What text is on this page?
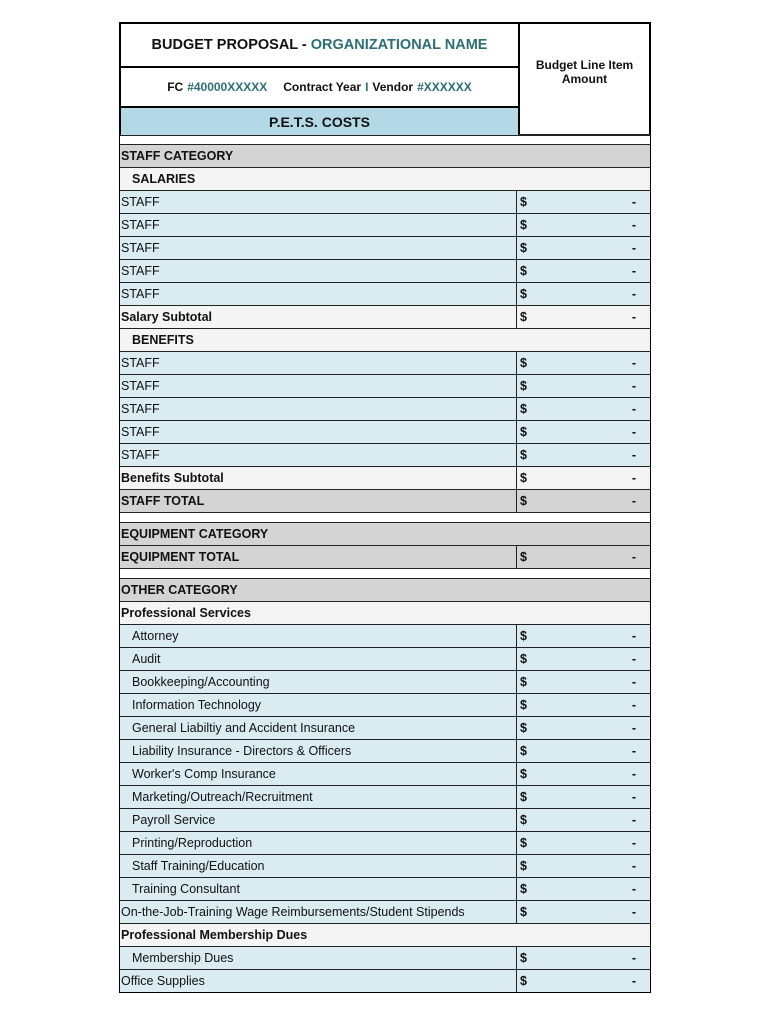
BUDGET PROPOSAL - ORGANIZATIONAL NAME
FC #40000XXXXX Contract Year I Vendor #XXXXXX
P.E.T.S. COSTS
Budget Line Item
Amount
STAFF CATEGORY
SALARIES
STAFF	$	-
STAFF	$	-
STAFF	$	-
STAFF	$	-
STAFF	$	-
Salary Subtotal	$	-
BENEFITS
STAFF	$	-
STAFF	$	-
STAFF	$	-
STAFF	$	-
STAFF	$	-
Benefits Subtotal	$	-
STAFF TOTAL	$	-
EQUIPMENT CATEGORY
EQUIPMENT TOTAL	$	-
OTHER CATEGORY
Professional Services
Attorney	$	-
Audit	$	-
Bookkeeping/Accounting	$	-
Information Technology	$	-
General Liabiltiy and Accident Insurance	$	-
Liability Insurance - Directors & Officers	$	-
Worker's Comp Insurance	$	-
Marketing/Outreach/Recruitment	$	-
Payroll Service	$	-
Printing/Reproduction	$	-
Staff Training/Education	$	-
Training Consultant	$	-
On-the-Job-Training Wage Reimbursements/Student Stipends	$	-
Professional Membership Dues
Membership Dues	$	-
Office Supplies	$	-
